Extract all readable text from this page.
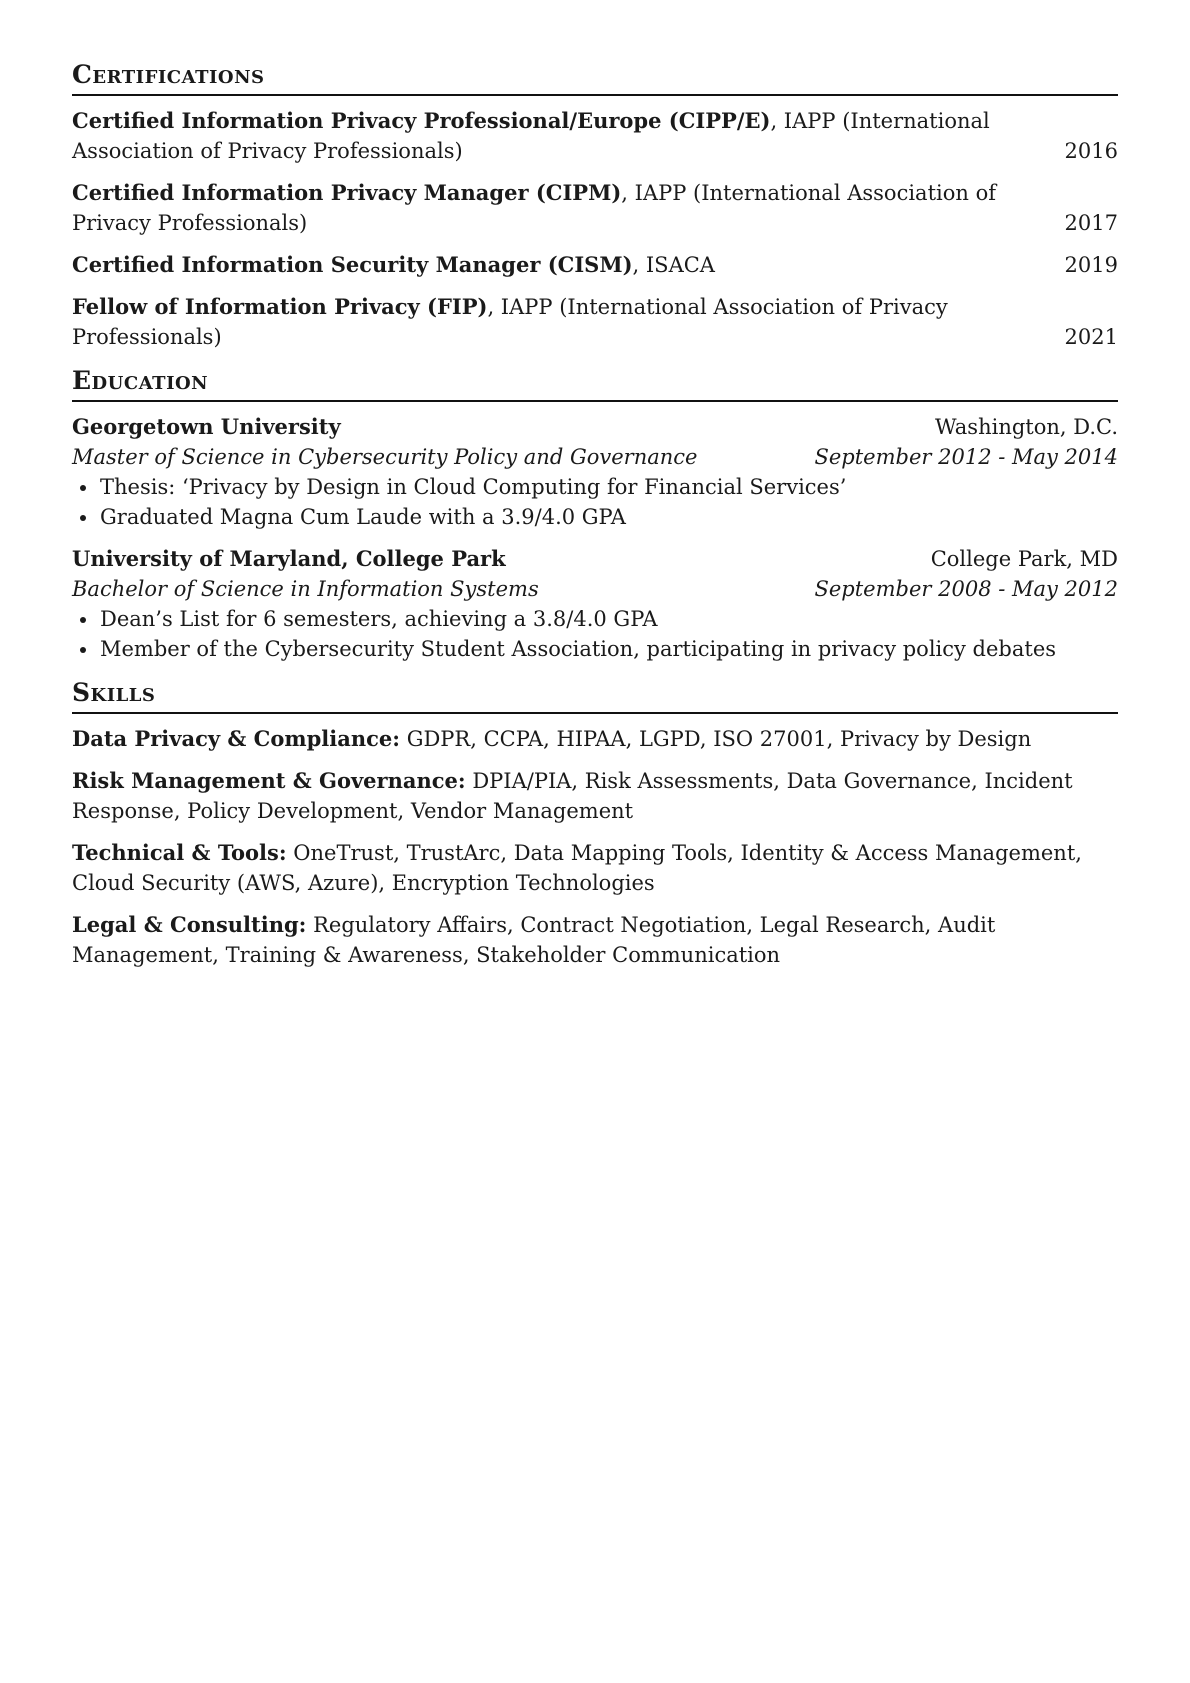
Certifications
Certified Information Privacy Professional/Europe (CIPP/E), IAPP (International Association of Privacy Professionals)	2016
Certified Information Privacy Manager (CIPM), IAPP (International Association of Privacy Professionals)	2017
Certified Information Security Manager (CISM), ISACA	2019
Fellow of Information Privacy (FIP), IAPP (International Association of Privacy Professionals)	2021
Education
Georgetown University	Washington, D.C.
Master of Science in Cybersecurity Policy and Governance	September 2012 - May 2014
Thesis: ‘Privacy by Design in Cloud Computing for Financial Services’
Graduated Magna Cum Laude with a 3.9/4.0 GPA
University of Maryland, College Park	College Park, MD
Bachelor of Science in Information Systems	September 2008 - May 2012
Dean’s List for 6 semesters, achieving a 3.8/4.0 GPA
Member of the Cybersecurity Student Association, participating in privacy policy debates
Skills
Data Privacy & Compliance: GDPR, CCPA, HIPAA, LGPD, ISO 27001, Privacy by Design
Risk Management & Governance: DPIA/PIA, Risk Assessments, Data Governance, Incident Response, Policy Development, Vendor Management
Technical & Tools: OneTrust, TrustArc, Data Mapping Tools, Identity & Access Management, Cloud Security (AWS, Azure), Encryption Technologies
Legal & Consulting: Regulatory Affairs, Contract Negotiation, Legal Research, Audit Management, Training & Awareness, Stakeholder Communication
